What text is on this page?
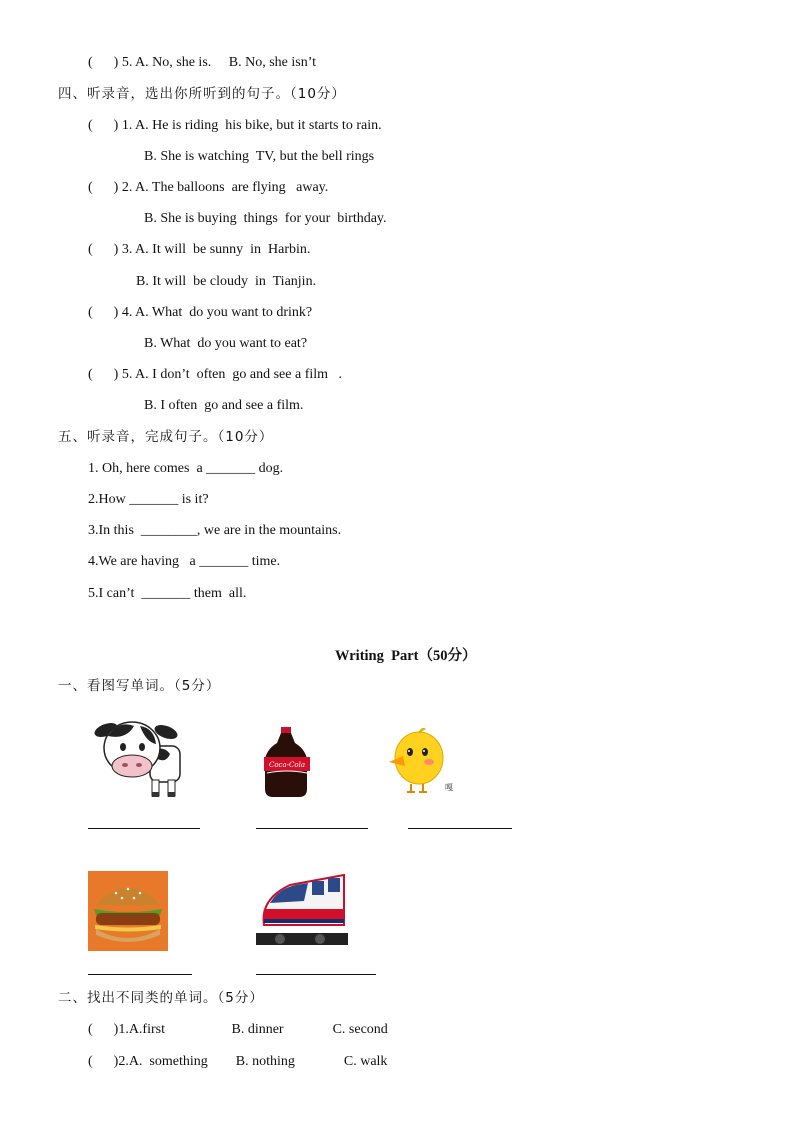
(      ) 5. A. No, she is.     B. No, she isn’t
四、听录音，选出你所听到的句子。（10分）
(      ) 1. A. He is riding  his bike, but it starts to rain.
B. She is watching  TV, but the bell rings
(      ) 2. A. The balloons  are flying   away.
B. She is buying  things  for your  birthday.
(      ) 3. A. It will  be sunny  in  Harbin.
B. It will  be cloudy  in  Tianjin.
(      ) 4. A. What  do you want to drink?
B. What  do you want to eat?
(      ) 5. A. I don’t  often  go and see a film   .
B. I often  go and see a film.
五、听录音，完成句子。（10分）
1. Oh, here comes  a _______ dog.
2.How _______ is it?
3.In this  ________, we are in the mountains.
4.We are having   a _______ time.
5.I can’t  _______ them  all.
Writing  Part（50分）
一、看图写单词。（5分）
Coca-Cola
嘎
二、找出不同类的单词。（5分）
(      )1.A.first                   B. dinner              C. second
(      )2.A.  something        B. nothing              C. walk
